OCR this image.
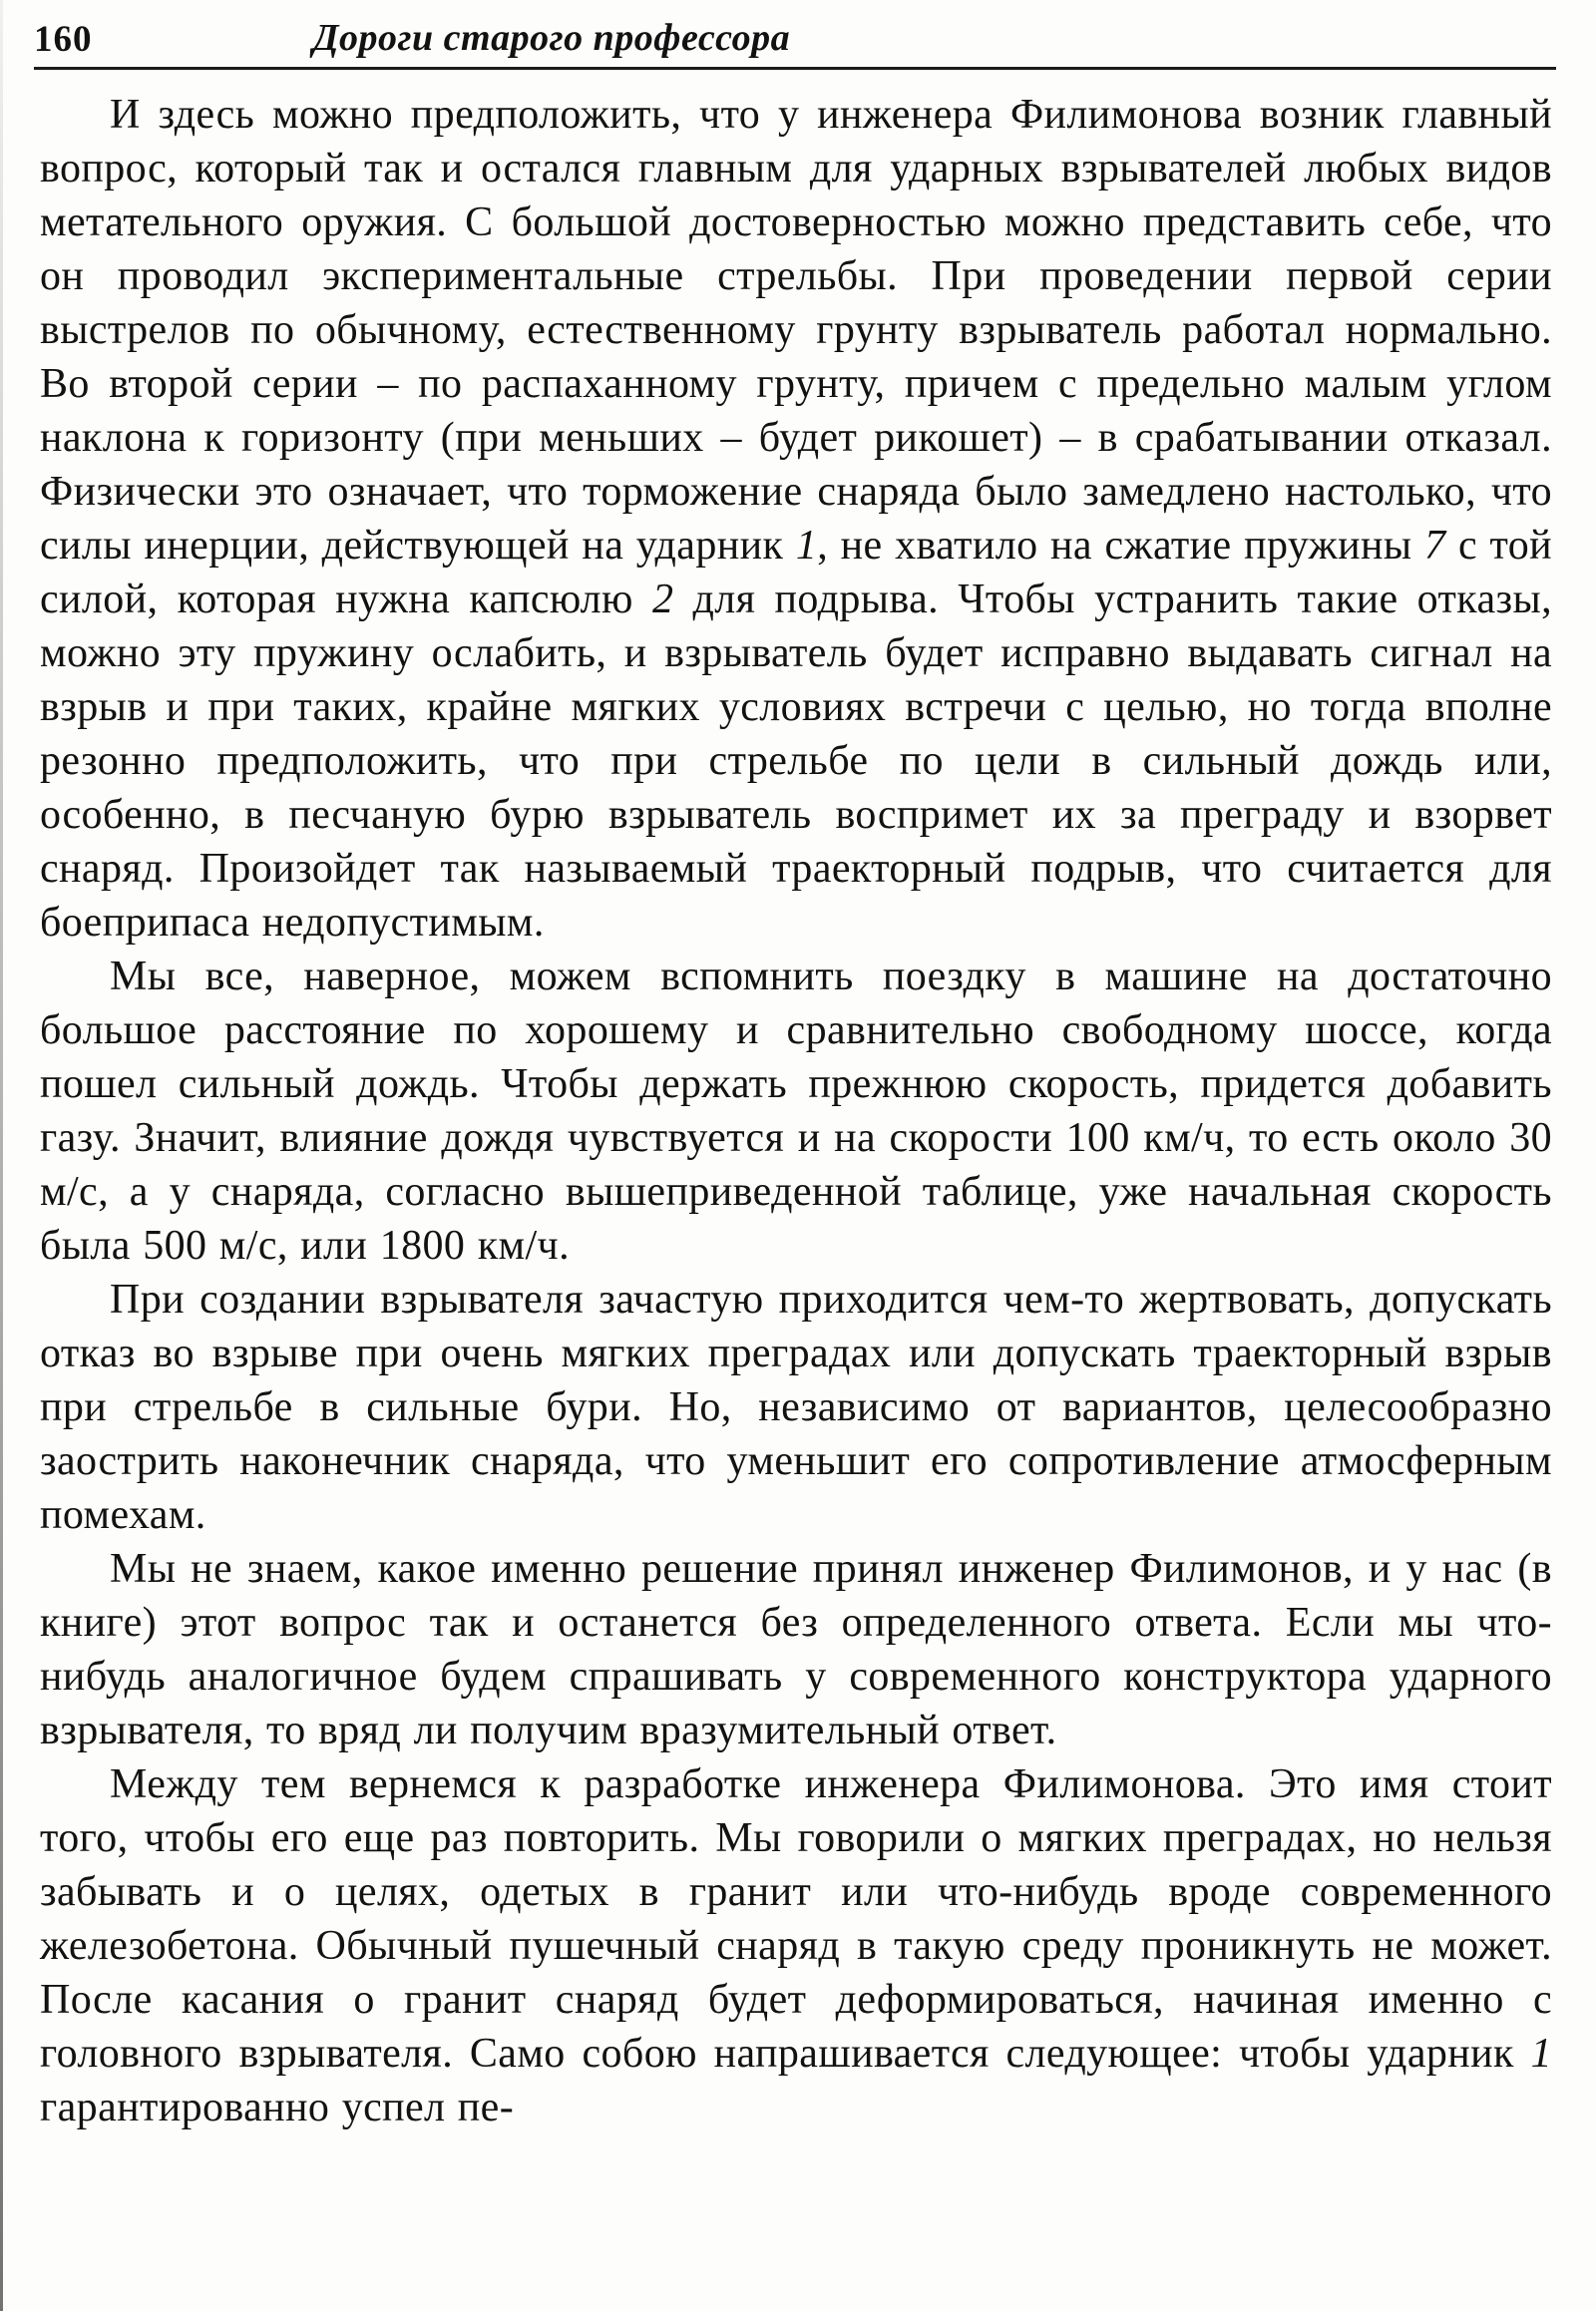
160	Дороги старого профессора

И здесь можно предположить, что у инженера Филимонова возник главный вопрос, который так и остался главным для ударных взрывателей любых видов метательного оружия. С большой достоверностью можно представить себе, что он проводил экспериментальные стрельбы. При проведении первой серии выстрелов по обычному, естественному грунту взрыватель работал нормально. Во второй серии – по распаханному грунту, причем с предельно малым углом наклона к горизонту (при меньших – будет рикошет) – в срабатывании отказал. Физически это означает, что торможение снаряда было замедлено настолько, что силы инерции, действующей на ударник 1, не хватило на сжатие пружины 7 с той силой, которая нужна капсюлю 2 для подрыва. Чтобы устранить такие отказы, можно эту пружину ослабить, и взрыватель будет исправно выдавать сигнал на взрыв и при таких, крайне мягких условиях встречи с целью, но тогда вполне резонно предположить, что при стрельбе по цели в сильный дождь или, особенно, в песчаную бурю взрыватель воспримет их за преграду и взорвет снаряд. Произойдет так называемый траекторный подрыв, что считается для боеприпаса недопустимым.

Мы все, наверное, можем вспомнить поездку в машине на достаточно большое расстояние по хорошему и сравнительно свободному шоссе, когда пошел сильный дождь. Чтобы держать прежнюю скорость, придется добавить газу. Значит, влияние дождя чувствуется и на скорости 100 км/ч, то есть около 30 м/с, а у снаряда, согласно вышеприведенной таблице, уже начальная скорость была 500 м/с, или 1800 км/ч.

При создании взрывателя зачастую приходится чем-то жертвовать, допускать отказ во взрыве при очень мягких преградах или допускать траекторный взрыв при стрельбе в сильные бури. Но, независимо от вариантов, целесообразно заострить наконечник снаряда, что уменьшит его сопротивление атмосферным помехам.

Мы не знаем, какое именно решение принял инженер Филимонов, и у нас (в книге) этот вопрос так и останется без определенного ответа. Если мы что-нибудь аналогичное будем спрашивать у современного конструктора ударного взрывателя, то вряд ли получим вразумительный ответ.

Между тем вернемся к разработке инженера Филимонова. Это имя стоит того, чтобы его еще раз повторить. Мы говорили о мягких преградах, но нельзя забывать и о целях, одетых в гранит или что-нибудь вроде современного железобетона. Обычный пушечный снаряд в такую среду проникнуть не может. После касания о гранит снаряд будет деформироваться, начиная именно с головного взрывателя. Само собою напрашивается следующее: чтобы ударник 1 гарантированно успел пе-
